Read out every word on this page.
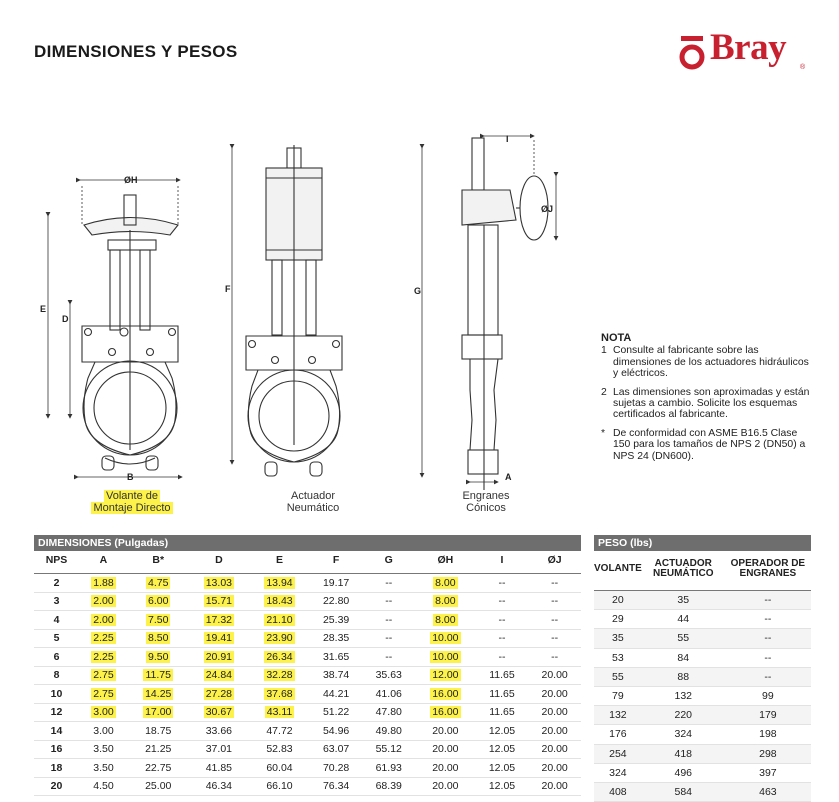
DIMENSIONES Y PESOS	Bray ®
ØH
E
D
B
F	G
I
ØJ
A
Volante de
Montaje Directo
Actuador
Neumático
Engranes
Cónicos
NOTA
1 Consulte al fabricante sobre las dimensiones de los actuadores hidráulicos y eléctricos.
2 Las dimensiones son aproximadas y están sujetas a cambio. Solicite los esquemas certificados al fabricante.
* De conformidad con ASME B16.5 Clase 150 para los tamaños de NPS 2 (DN50) a NPS 24 (DN600).
DIMENSIONES (Pulgadas)
NPS	A	B*	D	E	F	G	ØH	I	ØJ

2	1.88	4.75	13.03	13.94	19.17	--	8.00	--	--
3	2.00	6.00	15.71	18.43	22.80	--	8.00	--	--
4	2.00	7.50	17.32	21.10	25.39	--	8.00	--	--
5	2.25	8.50	19.41	23.90	28.35	--	10.00	--	--
6	2.25	9.50	20.91	26.34	31.65	--	10.00	--	--
8	2.75	11.75	24.84	32.28	38.74	35.63	12.00	11.65	20.00
10	2.75	14.25	27.28	37.68	44.21	41.06	16.00	11.65	20.00
12	3.00	17.00	30.67	43.11	51.22	47.80	16.00	11.65	20.00
14	3.00	18.75	33.66	47.72	54.96	49.80	20.00	12.05	20.00
16	3.50	21.25	37.01	52.83	63.07	55.12	20.00	12.05	20.00
18	3.50	22.75	41.85	60.04	70.28	61.93	20.00	12.05	20.00
20	4.50	25.00	46.34	66.10	76.34	68.39	20.00	12.05	20.00
PESO (lbs)
VOLANTE	ACTUADOR NEUMÁTICO	OPERADOR DE ENGRANES

20	35	--
29	44	--
35	55	--
53	84	--
55	88	--
79	132	99
132	220	179
176	324	198
254	418	298
324	496	397
408	584	463
